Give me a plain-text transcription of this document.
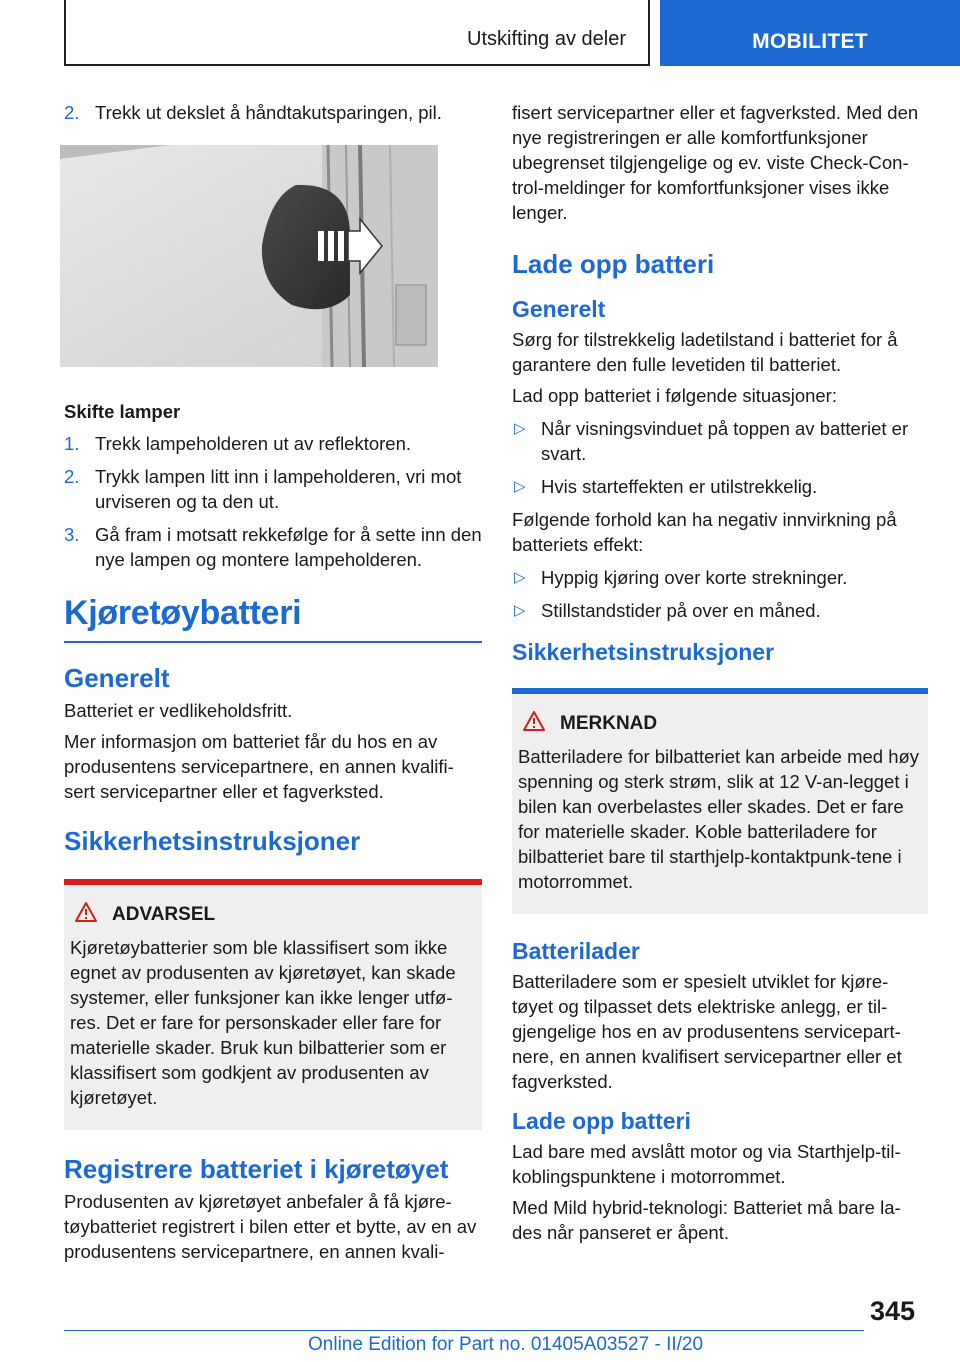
Utskifting av deler	MOBILITET
2. Trekk ut dekslet å håndtakutsparingen, pil.
Skifte lamper
1. Trekk lampeholderen ut av reflektoren.
2. Trykk lampen litt inn i lampeholderen, vri mot urviseren og ta den ut.
3. Gå fram i motsatt rekkefølge for å sette inn den nye lampen og montere lampeholderen.
Kjøretøybatteri
Generelt

Batteriet er vedlikeholdsfritt.

Mer informasjon om batteriet får du hos en av produsentens servicepartnere, en annen kvalifi-sert servicepartner eller et fagverksted.

Sikkerhetsinstruksjoner
ADVARSEL

Kjøretøybatterier som ble klassifisert som ikke egnet av produsenten av kjøretøyet, kan skade systemer, eller funksjoner kan ikke lenger utfø-res. Det er fare for personskader eller fare for materielle skader. Bruk kun bilbatterier som er klassifisert som godkjent av produsenten av kjøretøyet.

Registrere batteriet i kjøretøyet

Produsenten av kjøretøyet anbefaler å få kjøre-tøybatteriet registrert i bilen etter et bytte, av en av produsentens servicepartnere, en annen kvali-

fisert servicepartner eller et fagverksted. Med den nye registreringen er alle komfortfunksjoner ubegrenset tilgjengelige og ev. viste Check-Con-trol-meldinger for komfortfunksjoner vises ikke lenger.

Lade opp batteri
Generelt

Sørg for tilstrekkelig ladetilstand i batteriet for å garantere den fulle levetiden til batteriet.

Lad opp batteriet i følgende situasjoner:

▷ Når visningsvinduet på toppen av batteriet er svart.
▷ Hvis starteffekten er utilstrekkelig.

Følgende forhold kan ha negativ innvirkning på batteriets effekt:

▷ Hyppig kjøring over korte strekninger.
▷ Stillstandstider på over en måned.
Sikkerhetsinstruksjoner
MERKNAD

Batteriladere for bilbatteriet kan arbeide med høy spenning og sterk strøm, slik at 12 V-an-legget i bilen kan overbelastes eller skades. Det er fare for materielle skader. Koble batteriladere for bilbatteriet bare til starthjelp-kontaktpunk-tene i motorrommet.

Batterilader

Batteriladere som er spesielt utviklet for kjøre-tøyet og tilpasset dets elektriske anlegg, er til-gjengelige hos en av produsentens servicepart-nere, en annen kvalifisert servicepartner eller et fagverksted.

Lade opp batteri

Lad bare med avslått motor og via Starthjelp-til-koblingspunktene i motorrommet.

Med Mild hybrid-teknologi: Batteriet må bare la-des når panseret er åpent.

345
Online Edition for Part no. 01405A03527 - II/20
